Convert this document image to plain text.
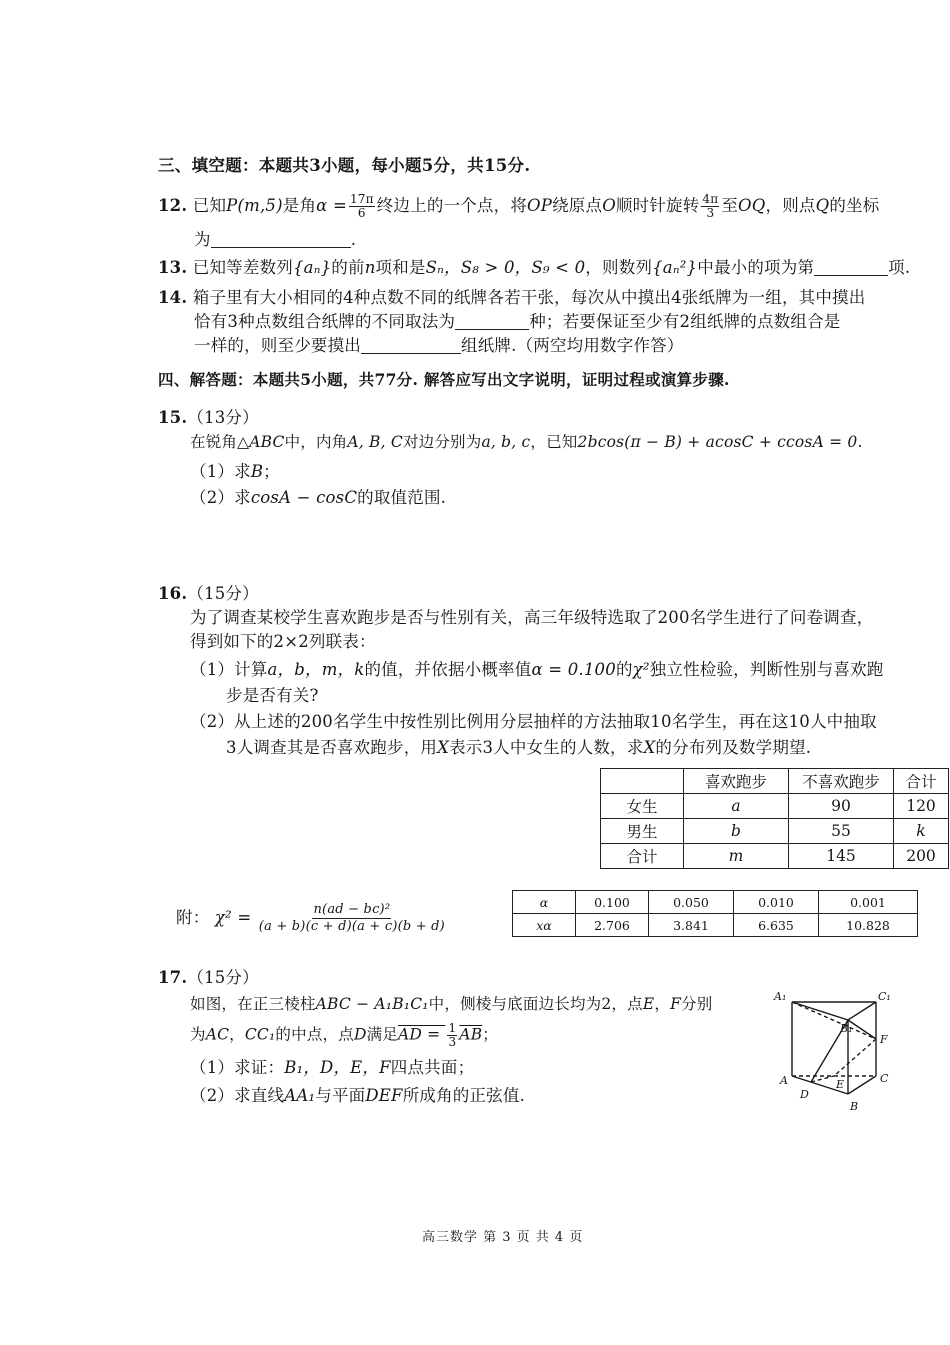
三、填空题：本题共3小题，每小题5分，共15分.
12. 已知P(m,5)是角$\alpha = \frac{17\pi}{6}$ 终边上的一个点，将OP绕原点O顺时针旋转 $\frac{4\pi}{3}$ 至OQ，则点Q的坐标
为	.
13. 已知等差数列{aₙ}的前n项和是Sₙ，S₈ > 0，S₉ < 0，则数列{aₙ²}中最小的项为第	项.
14. 箱子里有大小相同的4种点数不同的纸牌各若干张，每次从中摸出4张纸牌为一组，其中摸出
恰有3种点数组合纸牌的不同取法为	种；若要保证至少有2组纸牌的点数组合是
一样的，则至少要摸出	组纸牌.（两空均用数字作答）
四、解答题：本题共5小题，共77分. 解答应写出文字说明，证明过程或演算步骤.
15.（13分）
在锐角△ABC中，内角A, B, C对边分别为a, b, c，已知2bcos(π − B) + acosC + ccosA = 0.
（1）求B；
（2）求cosA − cosC的取值范围.
16.（15分）
为了调查某校学生喜欢跑步是否与性别有关，高三年级特选取了200名学生进行了问卷调查，
得到如下的2×2列联表：
（1）计算a，b，m，k的值，并依据小概率值α = 0.100的χ²独立性检验，判断性别与喜欢跑
步是否有关?
（2）从上述的200名学生中按性别比例用分层抽样的方法抽取10名学生，再在这10人中抽取
3人调查其是否喜欢跑步，用X表示3人中女生的人数，求X的分布列及数学期望.
	喜欢跑步	不喜欢跑步	合计
女生	a	90	120
男生	b	55	k
合计	m	145	200
附： $\chi^2 = \frac{\text{n(ad − bc)²}}{(a + b)(c + d)(a + c)(b + d)}$	α	0.100	0.050	0.010	0.001
xα	2.706	3.841	6.635	10.828
17.（15分）
如图，在正三棱柱ABC − A₁B₁C₁中，侧棱与底面边长均为2，点E，F分别
为AC，CC₁的中点，点D满足AD = $\frac{1}{3} \overline{AB}$；
（1）求证：B₁，D，E，F四点共面；
（2）求直线AA₁与平面DEF所成角的正弦值.
A₁	C₁
B₁
F
A	E	C
D
B
高三数学 第 3 页 共 4 页
